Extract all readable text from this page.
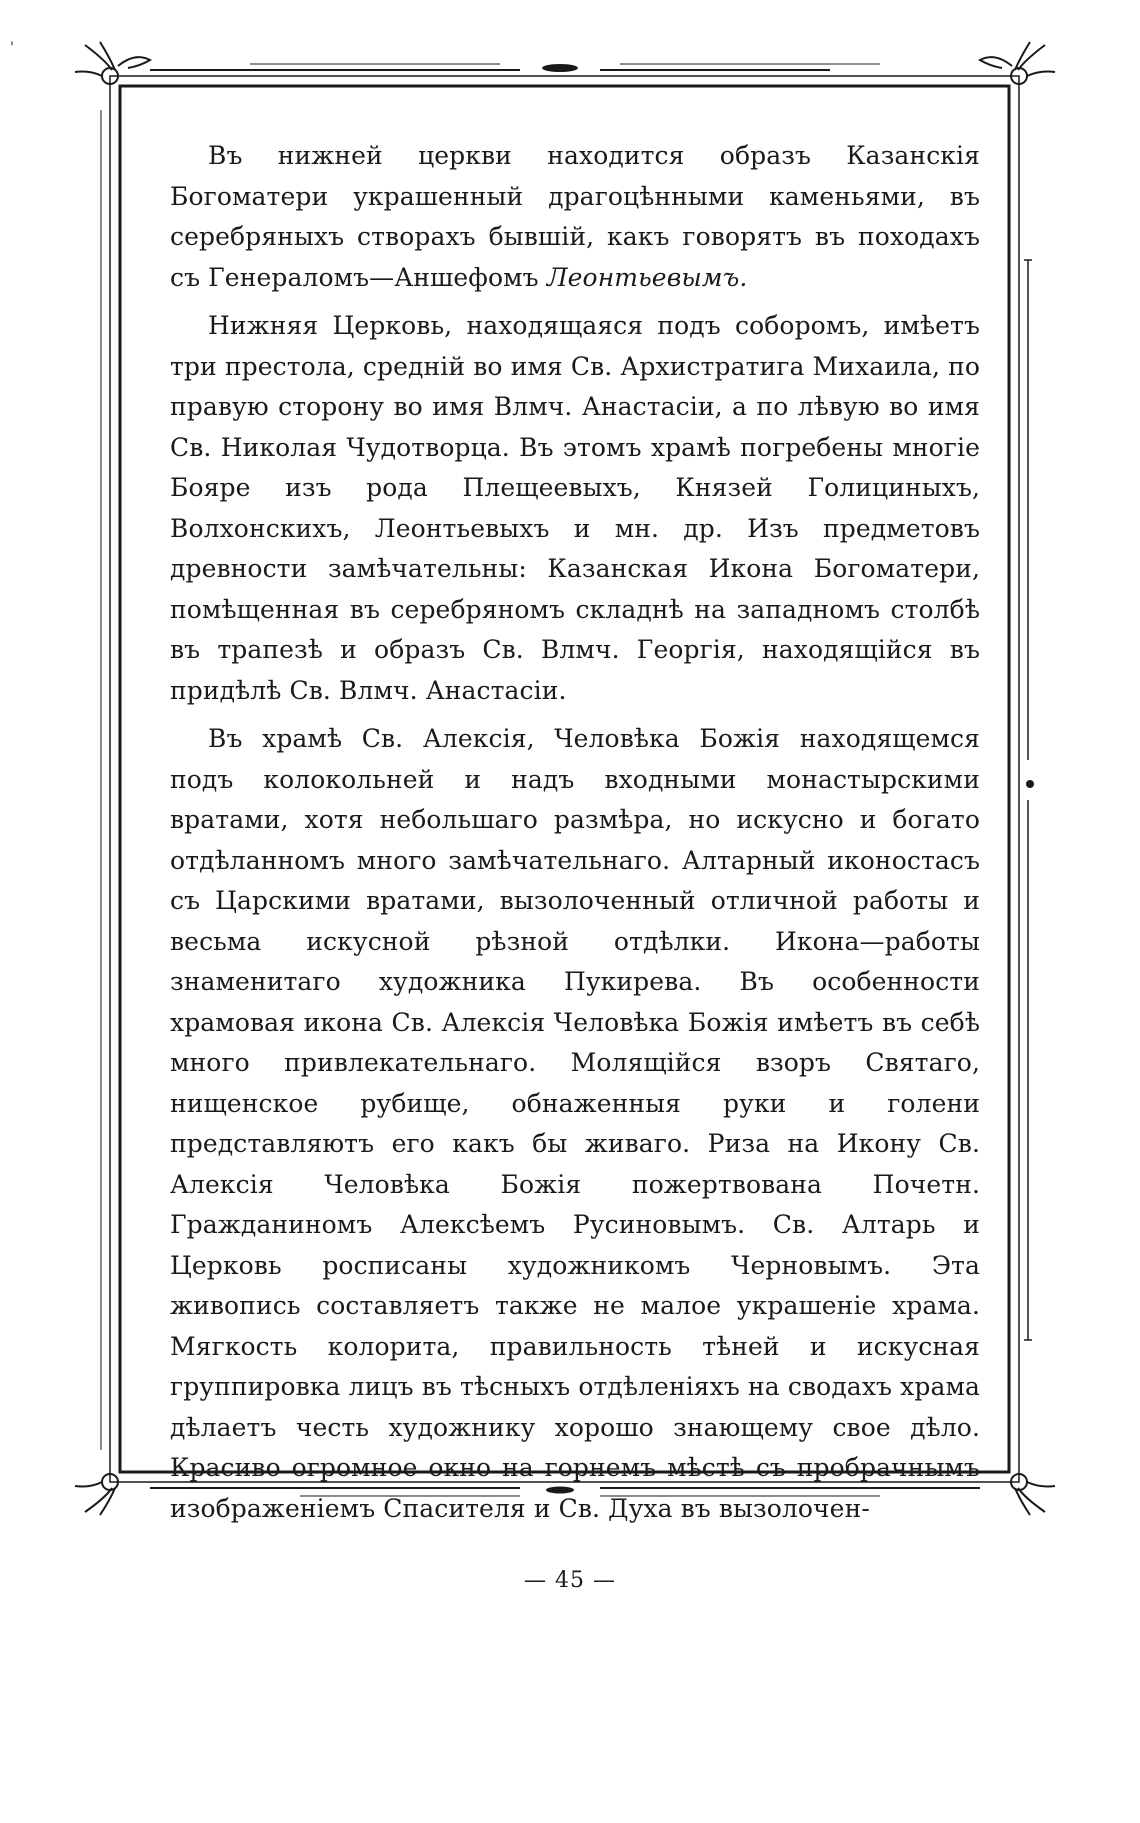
'

Въ нижней церкви находится образъ Казанскія Богоматери украшенный драгоцѣнными каменьями, въ серебряныхъ створахъ бывшій, какъ говорятъ въ походахъ съ Генераломъ—Аншефомъ Леонтьевымъ.

Нижняя Церковь, находящаяся подъ соборомъ, имѣетъ три престола, средній во имя Св. Архистратига Михаила, по правую сторону во имя Влмч. Анастасіи, а по лѣвую во имя Св. Николая Чудотворца. Въ этомъ храмѣ погребены многіе Бояре изъ рода Плещеевыхъ, Князей Голициныхъ, Волхонскихъ, Леонтьевыхъ и мн. др. Изъ предметовъ древности замѣчательны: Казанская Икона Богоматери, помѣщенная въ серебряномъ складнѣ на западномъ столбѣ въ трапезѣ и образъ Св. Влмч. Георгія, находящійся въ придѣлѣ Св. Влмч. Анастасіи.

Въ храмѣ Св. Алексія, Человѣка Божія находящемся подъ колокольней и надъ входными монастырскими вратами, хотя небольшаго размѣра, но искусно и богато отдѣланномъ много замѣчательнаго. Алтарный иконостасъ съ Царскими вратами, вызолоченный отличной работы и весьма искусной рѣзной отдѣлки. Икона—работы знаменитаго художника Пукирева. Въ особенности храмовая икона Св. Алексія Человѣка Божія имѣетъ въ себѣ много привлекательнаго. Молящійся взоръ Святаго, нищенское рубище, обнаженныя руки и голени представляютъ его какъ бы живаго. Риза на Икону Св. Алексія Человѣка Божія пожертвована Почетн. Гражданиномъ Алексѣемъ Русиновымъ. Св. Алтарь и Церковь росписаны художникомъ Черновымъ. Эта живопись составляетъ также не малое украшеніе храма. Мягкость колорита, правильность тѣней и искусная группировка лицъ въ тѣсныхъ отдѣленіяхъ на сводахъ храма дѣлаетъ честь художнику хорошо знающему свое дѣло. Красиво огромное окно на горнемъ мѣстѣ съ пробрачнымъ изображеніемъ Спасителя и Св. Духа въ вызолочен-

— 45 —
